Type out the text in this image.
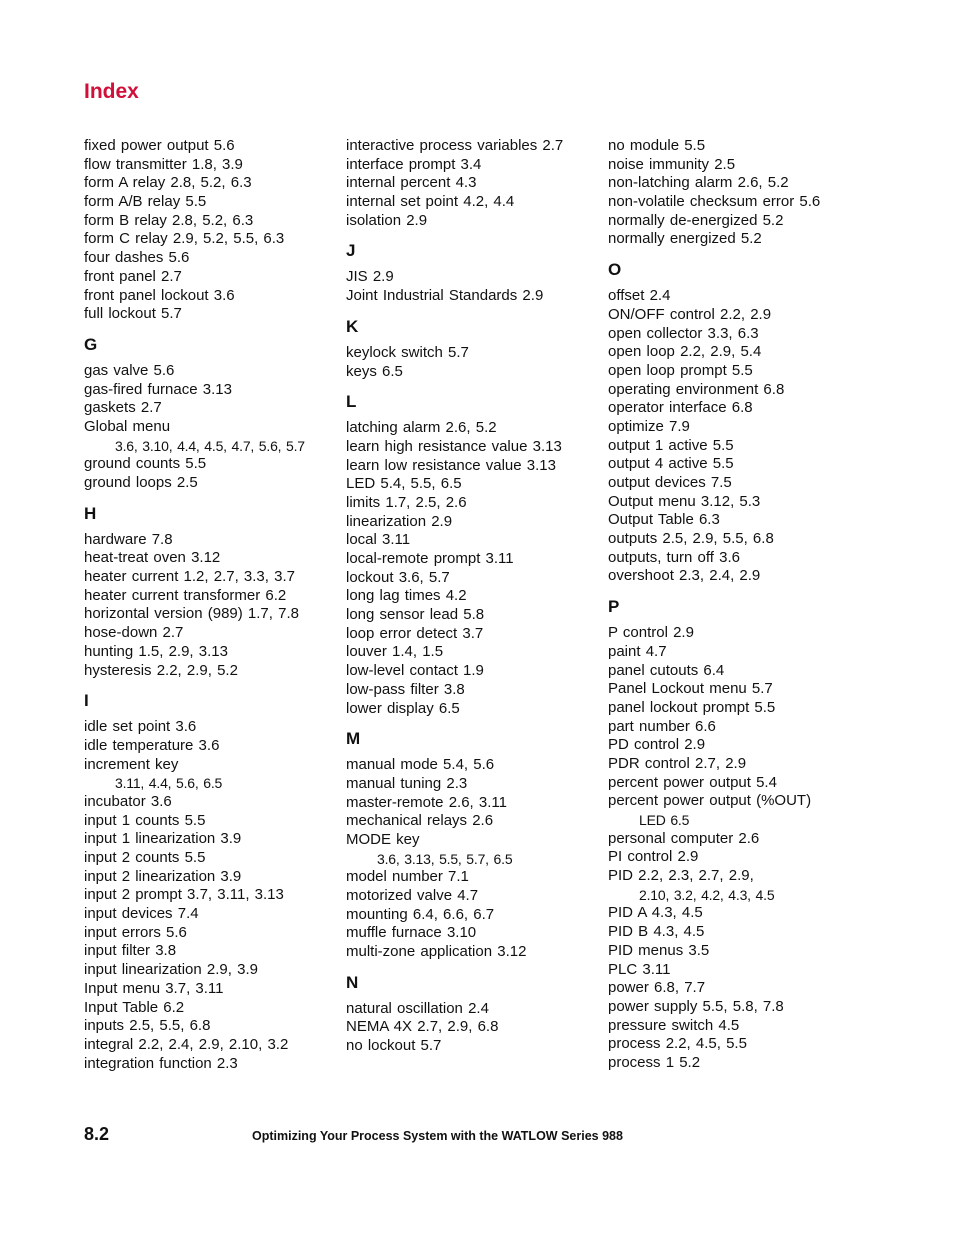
Index
fixed power output 5.6
flow transmitter 1.8, 3.9
form A relay 2.8, 5.2, 6.3
form A/B relay 5.5
form B relay 2.8, 5.2, 6.3
form C relay 2.9, 5.2, 5.5, 6.3
four dashes 5.6
front panel 2.7
front panel lockout 3.6
full lockout 5.7
G
gas valve 5.6
gas-fired furnace 3.13
gaskets 2.7
Global menu
3.6, 3.10, 4.4, 4.5, 4.7, 5.6, 5.7
ground counts 5.5
ground loops 2.5
H
hardware 7.8
heat-treat oven 3.12
heater current 1.2, 2.7, 3.3, 3.7
heater current transformer 6.2
horizontal version (989) 1.7, 7.8
hose-down 2.7
hunting 1.5, 2.9, 3.13
hysteresis 2.2, 2.9, 5.2
I
idle set point 3.6
idle temperature 3.6
increment key
3.11, 4.4, 5.6, 6.5
incubator 3.6
input 1 counts 5.5
input 1 linearization 3.9
input 2 counts 5.5
input 2 linearization 3.9
input 2 prompt 3.7, 3.11, 3.13
input devices 7.4
input errors 5.6
input filter 3.8
input linearization 2.9, 3.9
Input menu 3.7, 3.11
Input Table 6.2
inputs 2.5, 5.5, 6.8
integral 2.2, 2.4, 2.9, 2.10, 3.2
integration function 2.3
interactive process variables 2.7
interface prompt 3.4
internal percent 4.3
internal set point 4.2, 4.4
isolation 2.9
J
JIS 2.9
Joint Industrial Standards 2.9
K
keylock switch 5.7
keys 6.5
L
latching alarm 2.6, 5.2
learn high resistance value 3.13
learn low resistance value 3.13
LED 5.4, 5.5, 6.5
limits 1.7, 2.5, 2.6
linearization 2.9
local 3.11
local-remote prompt 3.11
lockout 3.6, 5.7
long lag times 4.2
long sensor lead 5.8
loop error detect 3.7
louver 1.4, 1.5
low-level contact 1.9
low-pass filter 3.8
lower display 6.5
M
manual mode 5.4, 5.6
manual tuning 2.3
master-remote 2.6, 3.11
mechanical relays 2.6
MODE key
3.6, 3.13, 5.5, 5.7, 6.5
model number 7.1
motorized valve 4.7
mounting 6.4, 6.6, 6.7
muffle furnace 3.10
multi-zone application 3.12
N
natural oscillation 2.4
NEMA 4X 2.7, 2.9, 6.8
no lockout 5.7
no module 5.5
noise immunity 2.5
non-latching alarm 2.6, 5.2
non-volatile checksum error 5.6
normally de-energized 5.2
normally energized 5.2
O
offset 2.4
ON/OFF control 2.2, 2.9
open collector 3.3, 6.3
open loop 2.2, 2.9, 5.4
open loop prompt 5.5
operating environment 6.8
operator interface 6.8
optimize 7.9
output 1 active 5.5
output 4 active 5.5
output devices 7.5
Output menu 3.12, 5.3
Output Table 6.3
outputs 2.5, 2.9, 5.5, 6.8
outputs, turn off 3.6
overshoot 2.3, 2.4, 2.9
P
P control 2.9
paint 4.7
panel cutouts 6.4
Panel Lockout menu 5.7
panel lockout prompt 5.5
part number 6.6
PD control 2.9
PDR control 2.7, 2.9
percent power output 5.4
percent power output (%OUT)
LED 6.5
personal computer 2.6
PI control 2.9
PID 2.2, 2.3, 2.7, 2.9,
2.10, 3.2, 4.2, 4.3, 4.5
PID A 4.3, 4.5
PID B 4.3, 4.5
PID menus 3.5
PLC 3.11
power 6.8, 7.7
power supply 5.5, 5.8, 7.8
pressure switch 4.5
process 2.2, 4.5, 5.5
process 1 5.2
8.2	Optimizing Your Process System with the WATLOW Series 988
